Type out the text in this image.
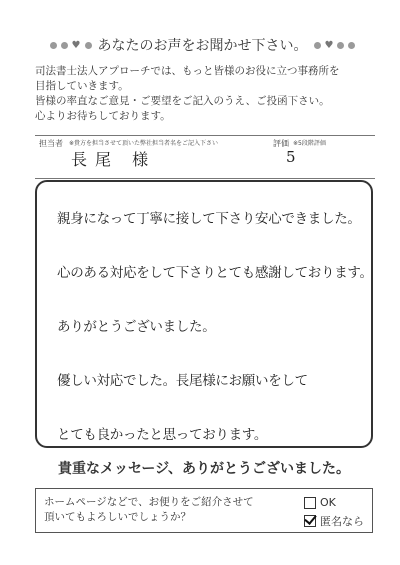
♥ あなたのお声をお聞かせ下さい。 ♥
司法書士法人アプローチでは、もっと皆様のお役に立つ事務所を
目指していきます。
皆様の率直なご意見・ご要望をご記入のうえ、ご投函下さい。
心よりお待ちしております。
担当者 ※貴方を担当させて頂いた弊社担当者名をご記入下さい
長尾 様
評価 ※5段階評価
5
親身になって丁寧に接して下さり安心できました。
心のある対応をして下さりとても感謝しております。
ありがとうございました。
優しい対応でした。長尾様にお願いをして
とても良かったと思っております。
貴重なメッセージ、ありがとうございました。
ホームページなどで、お便りをご紹介させて
頂いてもよろしいでしょうか？
OK
匿名なら
